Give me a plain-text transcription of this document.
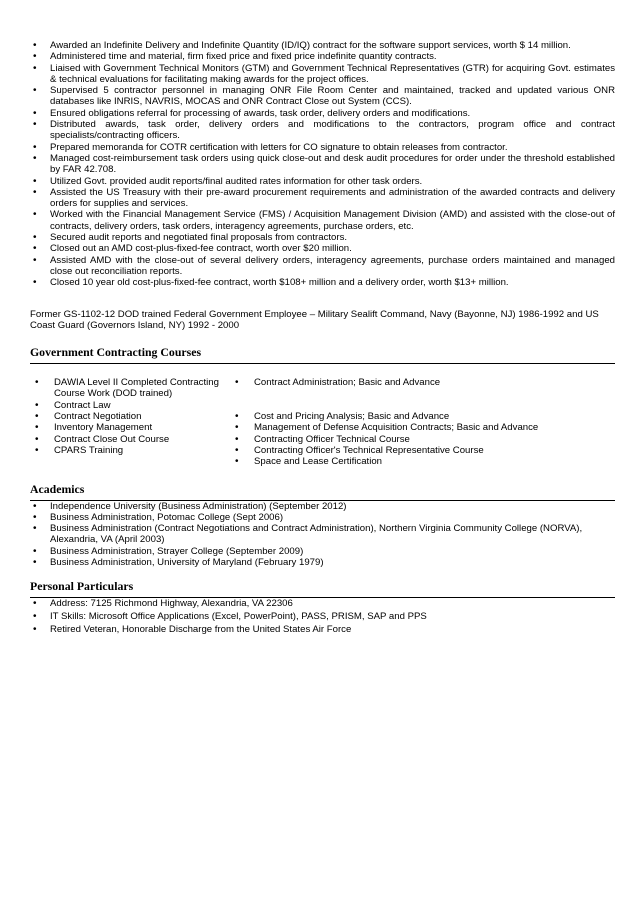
• Awarded an Indefinite Delivery and Indefinite Quantity (ID/IQ) contract for the software support services, worth $ 14 million.
• Administered time and material, firm fixed price and fixed price indefinite quantity contracts.
• Liaised with Government Technical Monitors (GTM) and Government Technical Representatives (GTR) for acquiring Govt. estimates & technical evaluations for facilitating making awards for the project offices.
• Supervised 5 contractor personnel in managing ONR File Room Center and maintained, tracked and updated various ONR databases like INRIS, NAVRIS, MOCAS and ONR Contract Close out System (CCS).
• Ensured obligations referral for processing of awards, task order, delivery orders and modifications.
• Distributed awards, task order, delivery orders and modifications to the contractors, program office and contract specialists/contracting officers.
• Prepared memoranda for COTR certification with letters for CO signature to obtain releases from contractor.
• Managed cost-reimbursement task orders using quick close-out and desk audit procedures for order under the threshold established by FAR 42.708.
• Utilized Govt. provided audit reports/final audited rates information for other task orders.
• Assisted the US Treasury with their pre-award procurement requirements and administration of the awarded contracts and delivery orders for supplies and services.
• Worked with the Financial Management Service (FMS) / Acquisition Management Division (AMD) and assisted with the close-out of contracts, delivery orders, task orders, interagency agreements, purchase orders, etc.
• Secured audit reports and negotiated final proposals from contractors.
• Closed out an AMD cost-plus-fixed-fee contract, worth over $20 million.
• Assisted AMD with the close-out of several delivery orders, interagency agreements, purchase orders maintained and managed close out reconciliation reports.
• Closed 10 year old cost-plus-fixed-fee contract, worth $108+ million and a delivery order, worth $13+ million.
Former GS-1102-12 DOD trained Federal Government Employee – Military Sealift Command, Navy (Bayonne, NJ) 1986-1992 and US Coast Guard (Governors Island, NY) 1992 - 2000
Government Contracting Courses
• DAWIA Level II Completed Contracting Course Work (DOD trained)
• Contract Law
• Contract Negotiation
• Inventory Management
• Contract Close Out Course
• CPARS Training
• Contract Administration; Basic and Advance
• Cost and Pricing Analysis; Basic and Advance
• Management of Defense Acquisition Contracts; Basic and Advance
• Contracting Officer Technical Course
• Contracting Officer's Technical Representative Course
• Space and Lease Certification
Academics
• Independence University (Business Administration) (September 2012)
• Business Administration, Potomac College (Sept 2006)
• Business Administration (Contract Negotiations and Contract Administration), Northern Virginia Community College (NORVA), Alexandria, VA (April 2003)
• Business Administration, Strayer College (September 2009)
• Business Administration, University of Maryland (February 1979)
Personal Particulars
• Address: 7125 Richmond Highway, Alexandria, VA 22306
• IT Skills: Microsoft Office Applications (Excel, PowerPoint), PASS, PRISM, SAP and PPS
• Retired Veteran, Honorable Discharge from the United States Air Force
